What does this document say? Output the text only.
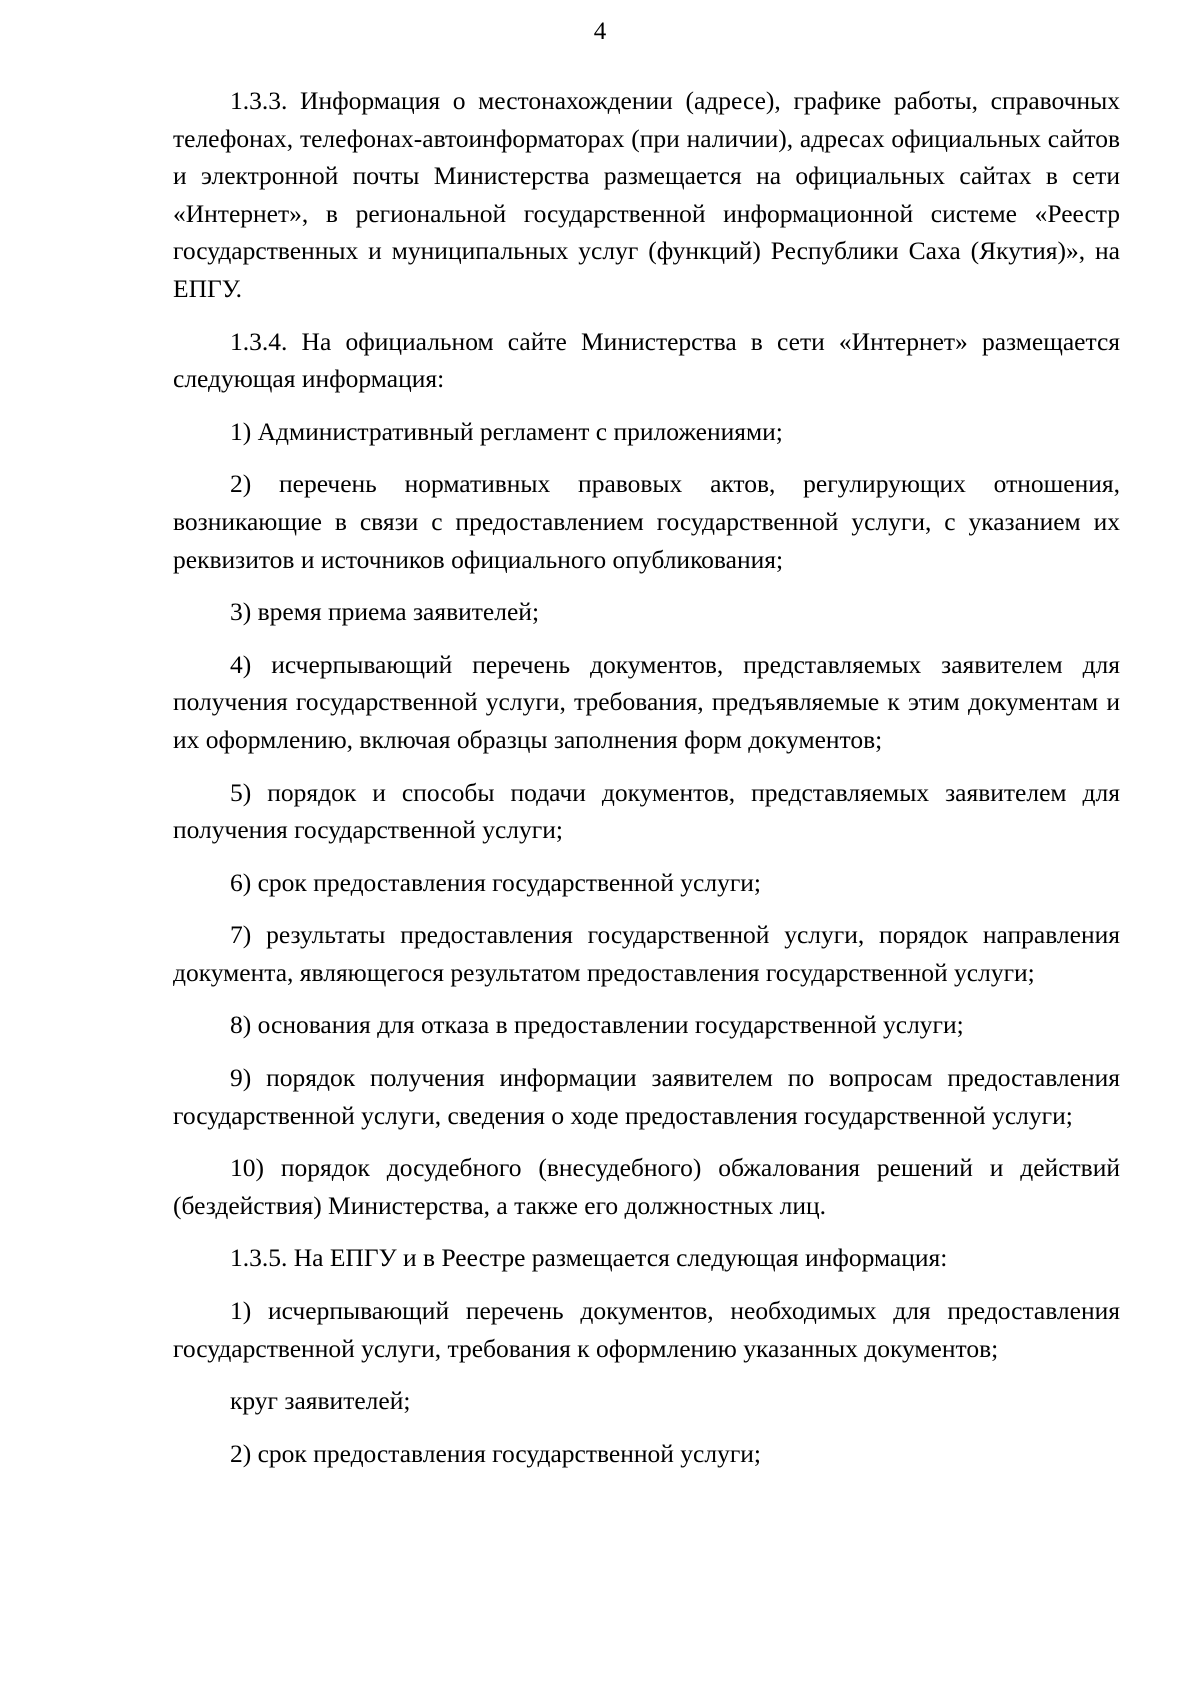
4

1.3.3. Информация о местонахождении (адресе), графике работы, справочных телефонах, телефонах-автоинформаторах (при наличии), адресах официальных сайтов и электронной почты Министерства размещается на официальных сайтах в сети «Интернет», в региональной государственной информационной системе «Реестр государственных и муниципальных услуг (функций) Республики Саха (Якутия)», на ЕПГУ.

1.3.4. На официальном сайте Министерства в сети «Интернет» размещается следующая информация:

1) Административный регламент с приложениями;

2) перечень нормативных правовых актов, регулирующих отношения, возникающие в связи с предоставлением государственной услуги, с указанием их реквизитов и источников официального опубликования;

3) время приема заявителей;

4) исчерпывающий перечень документов, представляемых заявителем для получения государственной услуги, требования, предъявляемые к этим документам и их оформлению, включая образцы заполнения форм документов;

5) порядок и способы подачи документов, представляемых заявителем для получения государственной услуги;

6) срок предоставления государственной услуги;

7) результаты предоставления государственной услуги, порядок направления документа, являющегося результатом предоставления государственной услуги;

8) основания для отказа в предоставлении государственной услуги;

9) порядок получения информации заявителем по вопросам предоставления государственной услуги, сведения о ходе предоставления государственной услуги;

10) порядок досудебного (внесудебного) обжалования решений и действий (бездействия) Министерства, а также его должностных лиц.

1.3.5. На ЕПГУ и в Реестре размещается следующая информация:

1) исчерпывающий перечень документов, необходимых для предоставления государственной услуги, требования к оформлению указанных документов;

круг заявителей;

2) срок предоставления государственной услуги;
